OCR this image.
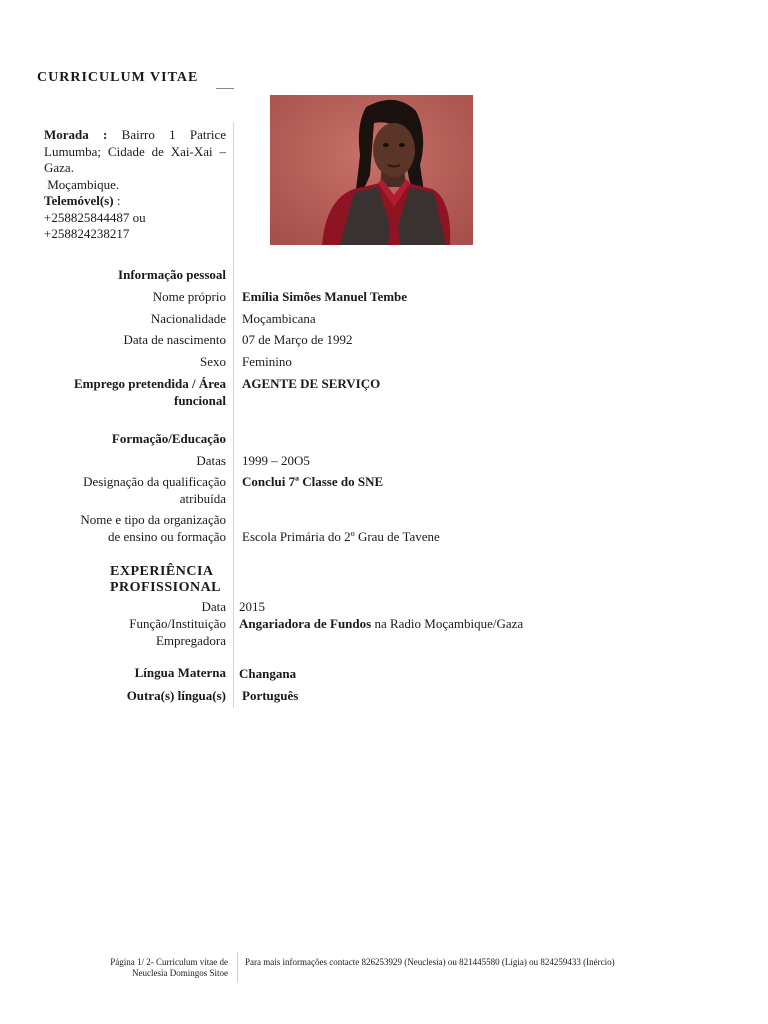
CURRICULUM VITAE
Morada : Bairro 1 Patrice Lumumba; Cidade de Xai-Xai – Gaza.
Moçambique.
Telemóvel(s) :
+258825844487 ou
+258824238217
Informação pessoal
Nome próprio Emília Simões Manuel Tembe
Nacionalidade Moçambicana
Data de nascimento 07 de Março de 1992
Sexo Feminino
Emprego pretendida / Área
funcional
AGENTE DE SERVIÇO
Formação/Educação
Datas 1999 – 20O5
Designação da qualificação
atribuída
Conclui 7ª Classe do SNE
Nome e tipo da organização
de ensino ou formação Escola Primária do 2º Grau de Tavene
EXPERIÊNCIA
PROFISSIONAL
Data 2015
Função/Instituição
Empregadora
Angariadora de Fundos na Radio Moçambique/Gaza
Língua Materna Changana
Outra(s) língua(s) Português
Página 1/ 2- Curriculum vitae de
Neuclesia Domingos Sitoe
Para mais informações contacte 826253929 (Neuclesia) ou 821445580 (Lígia) ou 824259433 (Inércio)
